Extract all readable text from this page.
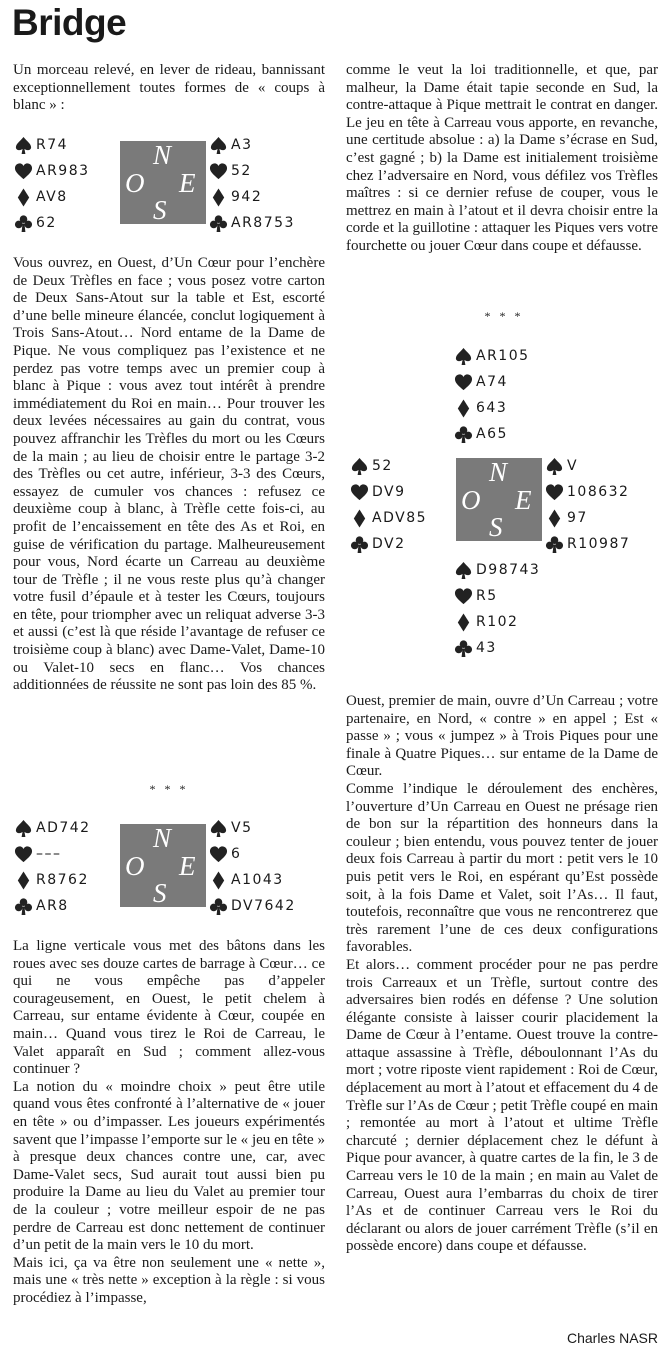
Bridge

Un morceau relevé, en lever de rideau, bannissant exceptionnellement toutes formes de « coups à blanc » :

R74
AR983
AV8
62
N
O E
S
A3
52
942
AR8753

Vous ouvrez, en Ouest, d’Un Cœur pour l’enchère de Deux Trèfles en face ; vous posez votre carton de Deux Sans-Atout sur la table et Est, escorté d’une belle mineure élancée, conclut logiquement à Trois Sans-Atout… Nord entame de la Dame de Pique. Ne vous compliquez pas l’existence et ne perdez pas votre temps avec un premier coup à blanc à Pique : vous avez tout intérêt à prendre immédiatement du Roi en main… Pour trouver les deux levées nécessaires au gain du contrat, vous pouvez affranchir les Trèfles du mort ou les Cœurs de la main ; au lieu de choisir entre le partage 3-2 des Trèfles ou cet autre, inférieur, 3-3 des Cœurs, essayez de cumuler vos chances : refusez ce deuxième coup à blanc, à Trèfle cette fois-ci, au profit de l’encaissement en tête des As et Roi, en guise de vérification du partage. Malheureusement pour vous, Nord écarte un Carreau au deuxième tour de Trèfle ; il ne vous reste plus qu’à changer votre fusil d’épaule et à tester les Cœurs, toujours en tête, pour triompher avec un reliquat adverse 3-3 et aussi (c’est là que réside l’avantage de refuser ce troisième coup à blanc) avec Dame-Valet, Dame-10 ou Valet-10 secs en flanc… Vos chances additionnées de réussite ne sont pas loin des 85 %.

* * *
AD742
–––
R8762
AR8
N
O E
S
V5
6
A1043
DV7642

La ligne verticale vous met des bâtons dans les roues avec ses douze cartes de barrage à Cœur… ce qui ne vous empêche pas d’appeler courageusement, en Ouest, le petit chelem à Carreau, sur entame évidente à Cœur, coupée en main… Quand vous tirez le Roi de Carreau, le Valet apparaît en Sud ; comment allez-vous continuer ?

La notion du « moindre choix » peut être utile quand vous êtes confronté à l’alternative de « jouer en tête » ou d’impasser. Les joueurs expérimentés savent que l’impasse l’emporte sur le « jeu en tête » à presque deux chances contre une, car, avec Dame-Valet secs, Sud aurait tout aussi bien pu produire la Dame au lieu du Valet au premier tour de la couleur ; votre meilleur espoir de ne pas perdre de Carreau est donc nettement de continuer d’un petit de la main vers le 10 du mort.

Mais ici, ça va être non seulement une « nette », mais une « très nette » exception à la règle : si vous procédiez à l’impasse,

comme le veut la loi traditionnelle, et que, par malheur, la Dame était tapie seconde en Sud, la contre-attaque à Pique mettrait le contrat en danger. Le jeu en tête à Carreau vous apporte, en revanche, une certitude absolue : a) la Dame s’écrase en Sud, c’est gagné ; b) la Dame est initialement troisième chez l’adversaire en Nord, vous défilez vos Trèfles maîtres : si ce dernier refuse de couper, vous le mettrez en main à l’atout et il devra choisir entre la corde et la guillotine : attaquer les Piques vers votre fourchette ou jouer Cœur dans coupe et défausse.

* * *
AR105
A74
643
A65
52
DV9
ADV85
DV2
N
O E
S
V
108632
97
R10987
D98743
R5
R102
43

Ouest, premier de main, ouvre d’Un Carreau ; votre partenaire, en Nord, « contre » en appel ; Est « passe » ; vous « jumpez » à Trois Piques pour une finale à Quatre Piques… sur entame de la Dame de Cœur.

Comme l’indique le déroulement des enchères, l’ouverture d’Un Carreau en Ouest ne présage rien de bon sur la répartition des honneurs dans la couleur ; bien entendu, vous pouvez tenter de jouer deux fois Carreau à partir du mort : petit vers le 10 puis petit vers le Roi, en espérant qu’Est possède soit, à la fois Dame et Valet, soit l’As… Il faut, toutefois, reconnaître que vous ne rencontrerez que très rarement l’une de ces deux configurations favorables.

Et alors… comment procéder pour ne pas perdre trois Carreaux et un Trèfle, surtout contre des adversaires bien rodés en défense ? Une solution élégante consiste à laisser courir placidement la Dame de Cœur à l’entame. Ouest trouve la contre-attaque assassine à Trèfle, déboulonnant l’As du mort ; votre riposte vient rapidement : Roi de Cœur, déplacement au mort à l’atout et effacement du 4 de Trèfle sur l’As de Cœur ; petit Trèfle coupé en main ; remontée au mort à l’atout et ultime Trèfle charcuté ; dernier déplacement chez le défunt à Pique pour avancer, à quatre cartes de la fin, le 3 de Carreau vers le 10 de la main ; en main au Valet de Carreau, Ouest aura l’embarras du choix de tirer l’As et de continuer Carreau vers le Roi du déclarant ou alors de jouer carrément Trèfle (s’il en possède encore) dans coupe et défausse.

Charles NASR
